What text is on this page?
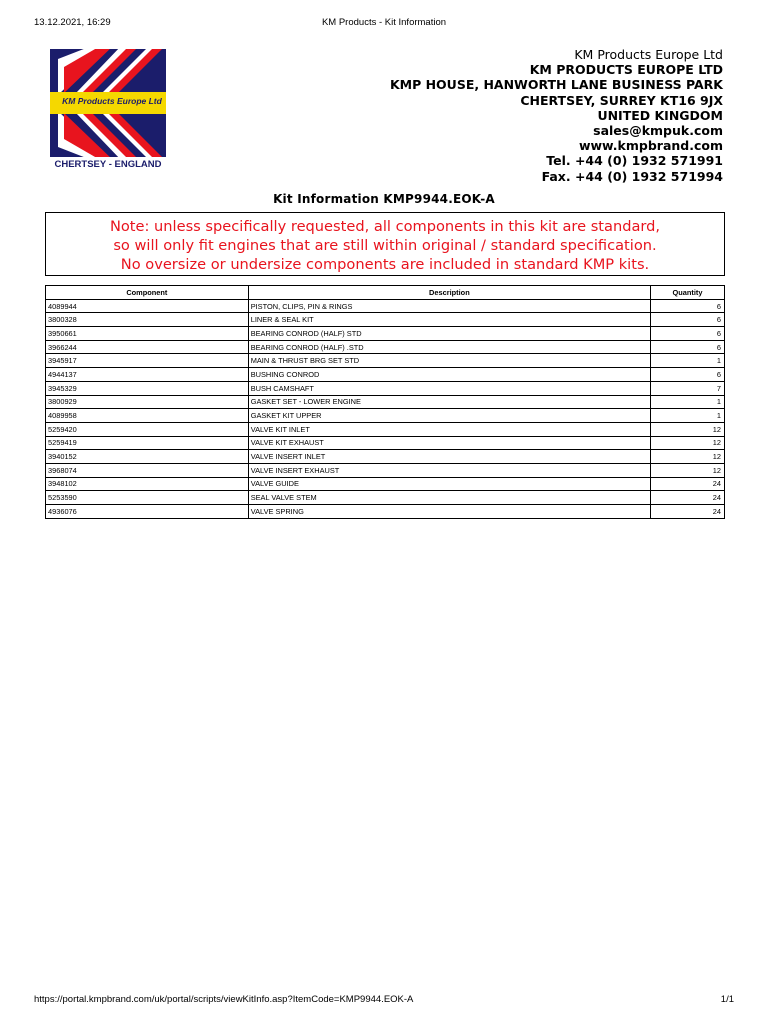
13.12.2021, 16:29	KM Products - Kit Information
KM Products Europe Ltd
CHERTSEY - ENGLAND
KM Products Europe Ltd
KM PRODUCTS EUROPE LTD
KMP HOUSE, HANWORTH LANE BUSINESS PARK
CHERTSEY, SURREY KT16 9JX
UNITED KINGDOM
sales@kmpuk.com
www.kmpbrand.com
Tel. +44 (0) 1932 571991
Fax. +44 (0) 1932 571994
Kit Information KMP9944.EOK-A
Note: unless specifically requested, all components in this kit are standard,
so will only fit engines that are still within original / standard specification.
No oversize or undersize components are included in standard KMP kits.
Component	Description	Quantity
4089944	PISTON, CLIPS, PIN & RINGS	6
3800328	LINER & SEAL KIT	6
3950661	BEARING CONROD (HALF) STD	6
3966244	BEARING CONROD (HALF) .STD	6
3945917	MAIN & THRUST BRG SET STD	1
4944137	BUSHING CONROD	6
3945329	BUSH CAMSHAFT	7
3800929	GASKET SET - LOWER ENGINE	1
4089958	GASKET KIT UPPER	1
5259420	VALVE KIT INLET	12
5259419	VALVE KIT EXHAUST	12
3940152	VALVE INSERT INLET	12
3968074	VALVE INSERT EXHAUST	12
3948102	VALVE GUIDE	24
5253590	SEAL VALVE STEM	24
4936076	VALVE SPRING	24
https://portal.kmpbrand.com/uk/portal/scripts/viewKitInfo.asp?ItemCode=KMP9944.EOK-A	1/1
